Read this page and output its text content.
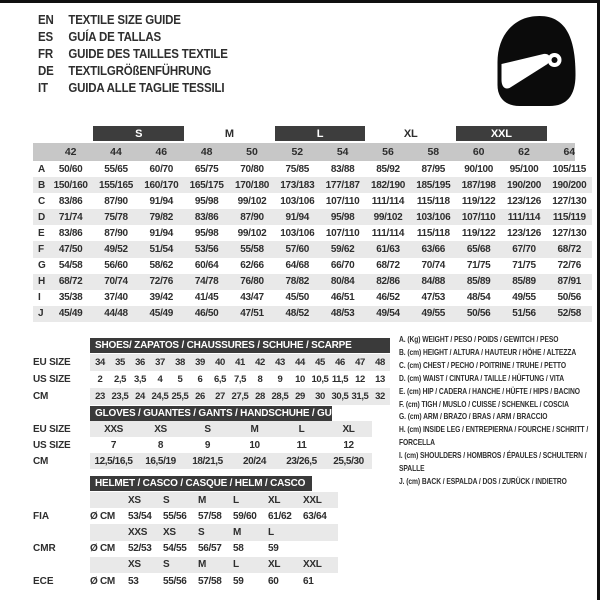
EN	TEXTILE SIZE GUIDE
ES	GUÍA DE TALLAS
FR	GUIDE DES TAILLES TEXTILE
DE	TEXTILGRÖßENFÜHRUNG
IT	GUIDA ALLE TAGLIE TESSILI
S	M	L	XL	XXL
42	44	46	48	50	52	54	56	58	60	62	64
A	50/60	55/65	60/70	65/75	70/80	75/85	83/88	85/92	87/95	90/100	95/100	105/115
B 150/160	155/165	160/170	165/175	170/180	173/183	177/187	182/190	185/195	187/198	190/200	190/200
C	83/86	87/90	91/94	95/98	99/102	103/106	107/110	111/114	115/118	119/122	123/126	127/130
D	71/74	75/78	79/82	83/86	87/90	91/94	95/98	99/102	103/106	107/110	111/114	115/119
E	83/86	87/90	91/94	95/98	99/102	103/106	107/110	111/114	115/118	119/122	123/126	127/130
F	47/50	49/52	51/54	53/56	55/58	57/60	59/62	61/63	63/66	65/68	67/70	68/72
G	54/58	56/60	58/62	60/64	62/66	64/68	66/70	68/72	70/74	71/75	71/75	72/76
H	68/72	70/74	72/76	74/78	76/80	78/82	80/84	82/86	84/88	85/89	85/89	87/91
I	35/38	37/40	39/42	41/45	43/47	45/50	46/51	46/52	47/53	48/54	49/55	50/56
J	45/49	44/48	45/49	46/50	47/51	48/52	48/53	49/54	49/55	50/56	51/56	52/58
SHOES/ ZAPATOS / CHAUSSURES / SCHUHE / SCARPE
EU SIZE	34	35	36	37	38	39	40	41	42	43	44	45	46	47	48
US SIZE	2	2,5 3,5	4	5	6	6,5 7,5	8	9	10 10,5 11,5 12	13
CM	23 23,5 24 24,5 25,5 26	27 27,5 28 28,5 29	30 30,5 31,5 32
GLOVES / GUANTES / GANTS / HANDSCHUHE / GUANTI
EU SIZE	XXS	XS	S	M	L	XL
US SIZE	7	8	9	10	11	12
CM	12,5/16,5	16,5/19	18/21,5	20/24	23/26,5	25,5/30
HELMET / CASCO / CASQUE / HELM / CASCO
XS	S	M	L	XL	XXL
FIA	Ø CM	53/54	55/56	57/58	59/60	61/62	63/64
XXS	XS	S	M	L
CMR	Ø CM	52/53	54/55	56/57	58	59
XS	S	M	L	XL	XXL
ECE	Ø CM	53	55/56	57/58	59	60	61
A. (Kg) WEIGHT / PESO / POIDS / GEWITCH / PESO
B. (cm) HEIGHT / ALTURA / HAUTEUR / HÖHE / ALTEZZA
C. (cm) CHEST / PECHO / POITRINE / TRUHE / PETTO
D. (cm) WAIST / CINTURA / TAILLE / HÜFTUNG / VITA
E. (cm) HIP / CADERA / HANCHE / HÜFTE / HIPS / BACINO
F. (cm) TIGH / MUSLO / CUISSE / SCHENKEL / COSCIA
G. (cm) ARM / BRAZO / BRAS / ARM / BRACCIO
H. (cm) INSIDE LEG / ENTREPIERNA / FOURCHE / SCHRITT / FORCELLA
I. (cm) SHOULDERS / HOMBROS / ÉPAULES / SCHULTERN / SPALLE
J. (cm) BACK / ESPALDA / DOS / ZURÜCK / INDIETRO
